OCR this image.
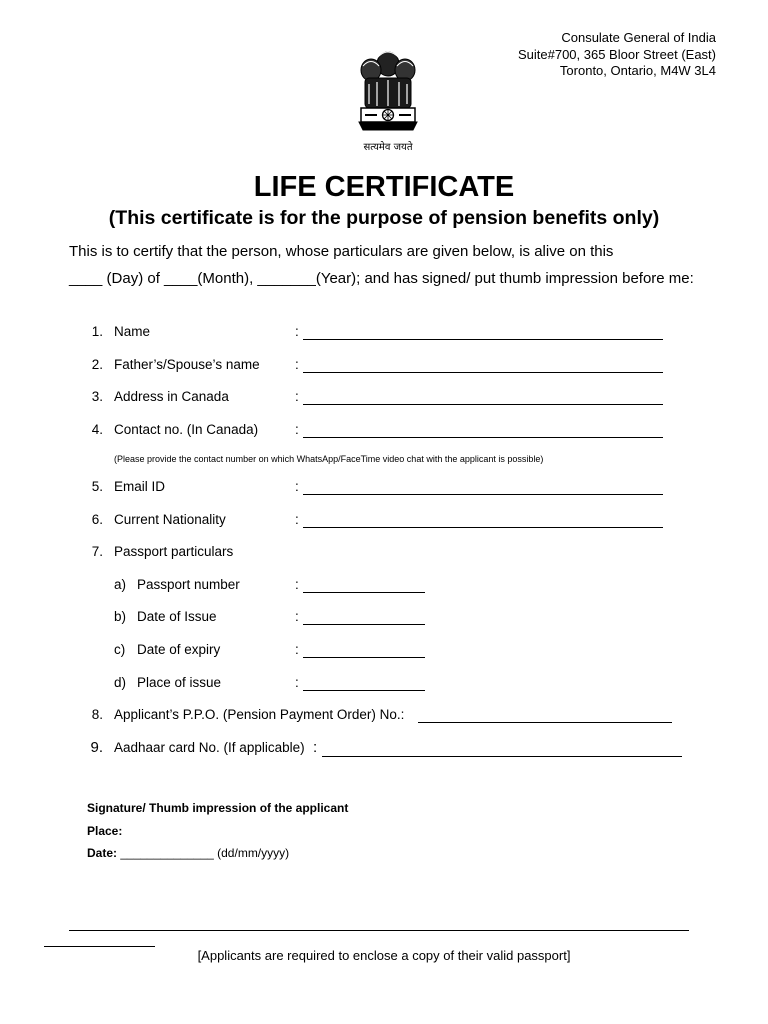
Consulate General of India
Suite#700, 365 Bloor Street (East)
Toronto, Ontario, M4W 3L4
सत्यमेव जयते
LIFE CERTIFICATE
(This certificate is for the purpose of pension benefits only)
This is to certify that the person, whose particulars are given below, is alive on this
____ (Day) of ____(Month), _______(Year); and has signed/ put thumb impression before me:
1. Name	:
2. Father’s/Spouse’s name	:
3. Address in Canada	:
4. Contact no. (In Canada)	:
(Please provide the contact number on which WhatsApp/FaceTime video chat with the applicant is possible)
5. Email ID	:
6. Current Nationality	:
7. Passport particulars
a) Passport number	:
b) Date of Issue	:
c) Date of expiry	:
d) Place of issue	:
8. Applicant’s P.P.O. (Pension Payment Order) No.:
9. Aadhaar card No. (If applicable) :
Signature/ Thumb impression of the applicant
Place:
Date: ______________ (dd/mm/yyyy)
[Applicants are required to enclose a copy of their valid passport]
